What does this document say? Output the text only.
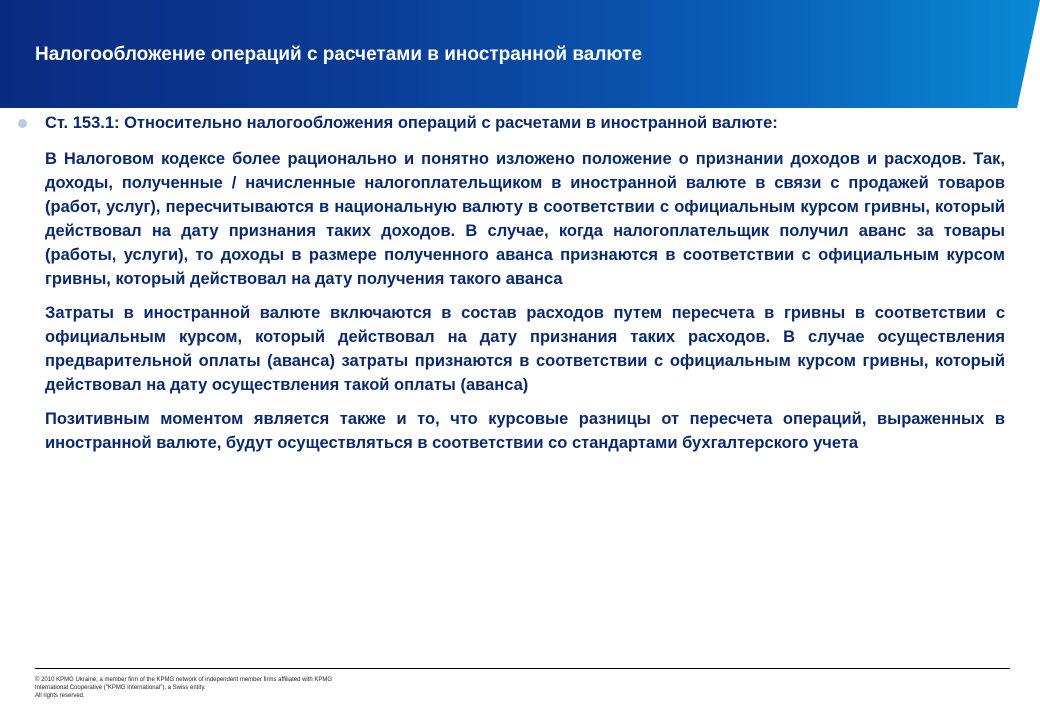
Налогообложение операций с расчетами в иностранной валюте

Ст. 153.1: Относительно налогообложения операций с расчетами в иностранной валюте:

В Налоговом кодексе более рационально и понятно изложено положение о признании доходов и расходов. Так, доходы, полученные / начисленные налогоплательщиком в иностранной валюте в связи с продажей товаров (работ, услуг), пересчитываются в национальную валюту в соответствии с официальным курсом гривны, который действовал на дату признания таких доходов. В случае, когда налогоплательщик получил аванс за товары (работы, услуги), то доходы в размере полученного аванса признаются в соответствии с официальным курсом гривны, который действовал на дату получения такого аванса

Затраты в иностранной валюте включаются в состав расходов путем пересчета в гривны в соответствии с официальным курсом, который действовал на дату признания таких расходов. В случае осуществления предварительной оплаты (аванса) затраты признаются в соответствии с официальным курсом гривны, который действовал на дату осуществления такой оплаты (аванса)

Позитивным моментом является также и то, что курсовые разницы от пересчета операций, выраженных в иностранной валюте, будут осуществляться в соответствии со стандартами бухгалтерского учета

© 2010 KPMG Ukraine, a member firm of the KPMG network of independent member firms affiliated with KPMG
International Cooperative ("KPMG International"), a Swiss entity.
All rights reserved.
